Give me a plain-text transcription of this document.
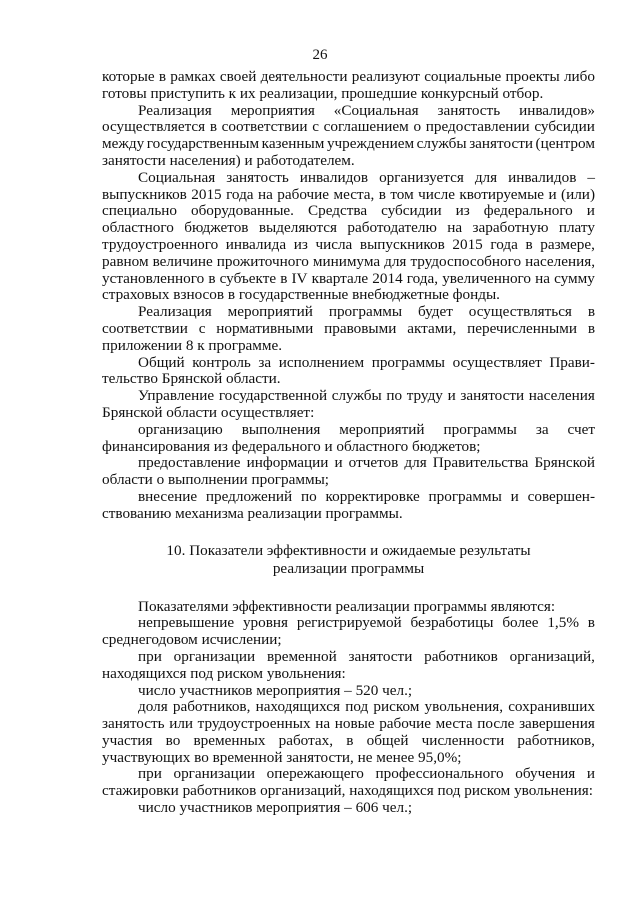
26
которые в рамках своей деятельности реализуют социальные проекты либо
готовы приступить к их реализации, прошедшие конкурсный отбор.
Реализация мероприятия «Социальная занятость инвалидов»
осуществляется в соответствии с соглашением о предоставлении субсидии
между государственным казенным учреждением службы занятости (центром
занятости населения) и работодателем.
Социальная занятость инвалидов организуется для инвалидов –
выпускников 2015 года на рабочие места, в том числе квотируемые и (или)
специально оборудованные. Средства субсидии из федерального и
областного бюджетов выделяются работодателю на заработную плату
трудоустроенного инвалида из числа выпускников 2015 года в размере,
равном величине прожиточного минимума для трудоспособного населения,
установленного в субъекте в IV квартале 2014 года, увеличенного на сумму
страховых взносов в государственные внебюджетные фонды.
Реализация мероприятий программы будет осуществляться в
соответствии с нормативными правовыми актами, перечисленными в
приложении 8 к программе.
Общий контроль за исполнением программы осуществляет Прави-
тельство Брянской области.
Управление государственной службы по труду и занятости населения
Брянской области осуществляет:
организацию выполнения мероприятий программы за счет
финансирования из федерального и областного бюджетов;
предоставление информации и отчетов для Правительства Брянской
области о выполнении программы;
внесение предложений по корректировке программы и совершен-
ствованию механизма реализации программы.
10. Показатели эффективности и ожидаемые результаты
реализации программы
Показателями эффективности реализации программы являются:
непревышение уровня регистрируемой безработицы более 1,5% в
среднегодовом исчислении;
при организации временной занятости работников организаций,
находящихся под риском увольнения:
число участников мероприятия – 520 чел.;
доля работников, находящихся под риском увольнения, сохранивших
занятость или трудоустроенных на новые рабочие места после завершения
участия во временных работах, в общей численности работников,
участвующих во временной занятости, не менее 95,0%;
при организации опережающего профессионального обучения и
стажировки работников организаций, находящихся под риском увольнения:
число участников мероприятия – 606 чел.;
